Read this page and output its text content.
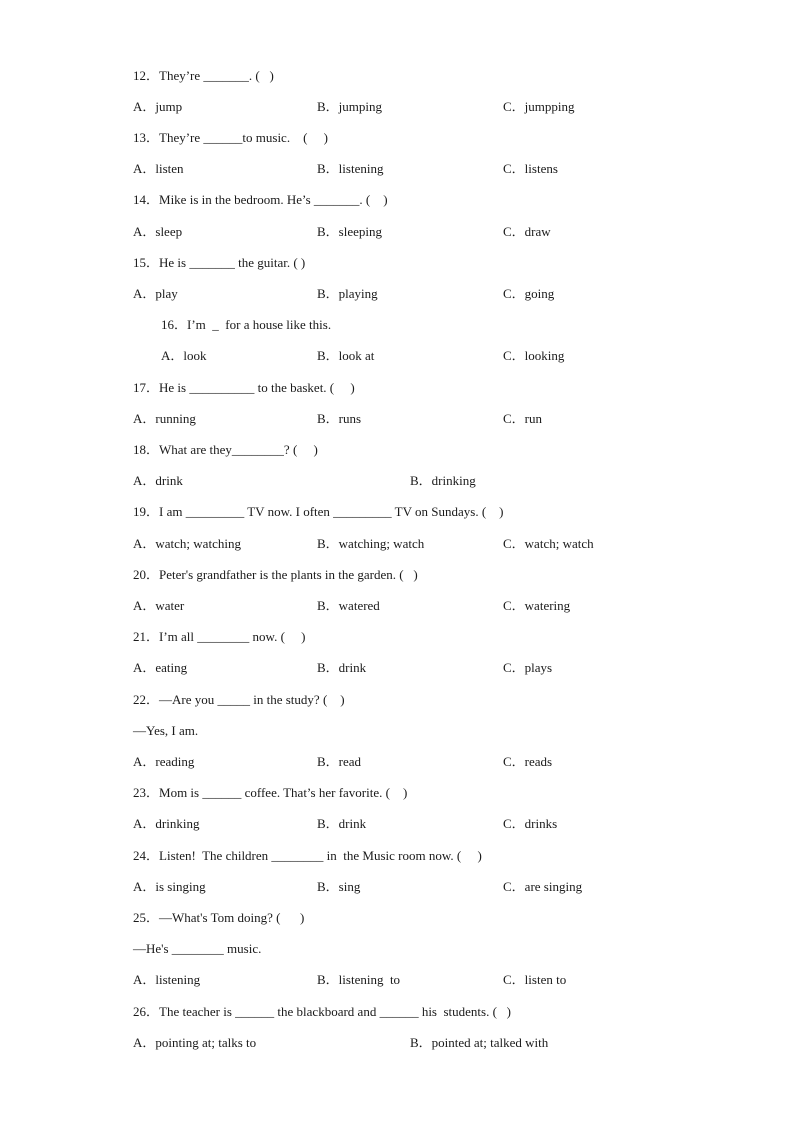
12．They’re _______. (   )
A．jump	B．jumping	C．jumpping
13．They’re ______to music.    (     )
A．listen	B．listening	C．listens
14．Mike is in the bedroom. He’s _______. (    )
A．sleep	B．sleeping	C．draw
15．He is _______ the guitar. ( )
A．play	B．playing	C．going
16．I’m  _  for a house like this.
A．look	B．look at	C．looking
17．He is __________ to the basket. (     )
A．running	B．runs	C．run
18．What are they________? (     )
A．drink	B．drinking
19．I am _________ TV now. I often _________ TV on Sundays. (    )
A．watch; watching	B．watching; watch	C．watch; watch
20．Peter's grandfather is the plants in the garden. (   )
A．water	B．watered	C．watering
21．I’m all ________ now. (     )
A．eating	B．drink	C．plays
22．—Are you _____ in the study? (    )
—Yes, I am.
A．reading	B．read	C．reads
23．Mom is ______ coffee. That’s her favorite. (    )
A．drinking	B．drink	C．drinks
24．Listen!  The children ________ in  the Music room now. (     )
A．is singing	B．sing	C．are singing
25．—What's Tom doing? (      )
—He's ________ music.
A．listening	B．listening  to	C．listen to
26．The teacher is ______ the blackboard and ______ his  students. (   )
A．pointing at; talks to	B．pointed at; talked with
